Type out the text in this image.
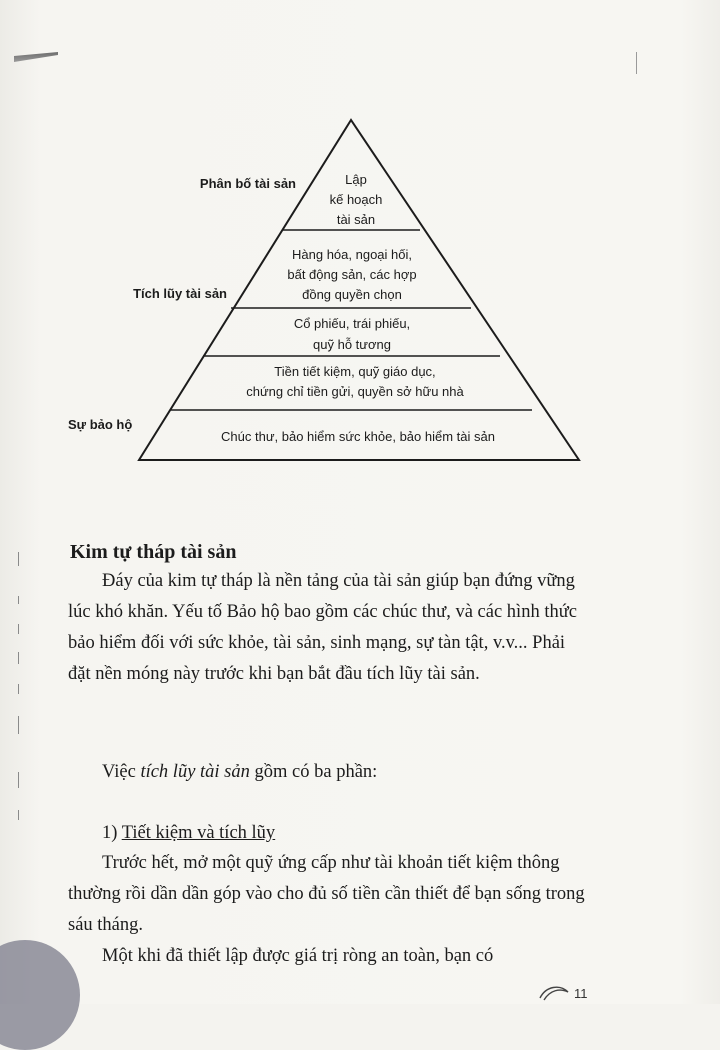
Lập
kế hoạch
tài sản
Hàng hóa, ngoại hối,
bất động sản, các hợp
đồng quyền chọn
Cổ phiếu, trái phiếu,
quỹ hỗ tương
Tiền tiết kiệm, quỹ giáo dục,
chứng chỉ tiền gửi, quyền sở hữu nhà
Chúc thư, bảo hiểm sức khỏe, bảo hiểm tài sản
Phân bố tài sản
Tích lũy tài sản
Sự bảo hộ
Kim tự tháp tài sản

Đáy của kim tự tháp là nền tảng của tài sản giúp bạn đứng vững lúc khó khăn. Yếu tố Bảo hộ bao gồm các chúc thư, và các hình thức bảo hiểm đối với sức khỏe, tài sản, sinh mạng, sự tàn tật, v.v... Phải đặt nền móng này trước khi bạn bắt đầu tích lũy tài sản.

Việc tích lũy tài sản gồm có ba phần:

1) Tiết kiệm và tích lũy

Trước hết, mở một quỹ ứng cấp như tài khoản tiết kiệm thông thường rồi dần dần góp vào cho đủ số tiền cần thiết để bạn sống trong sáu tháng.

Một khi đã thiết lập được giá trị ròng an toàn, bạn có

11
